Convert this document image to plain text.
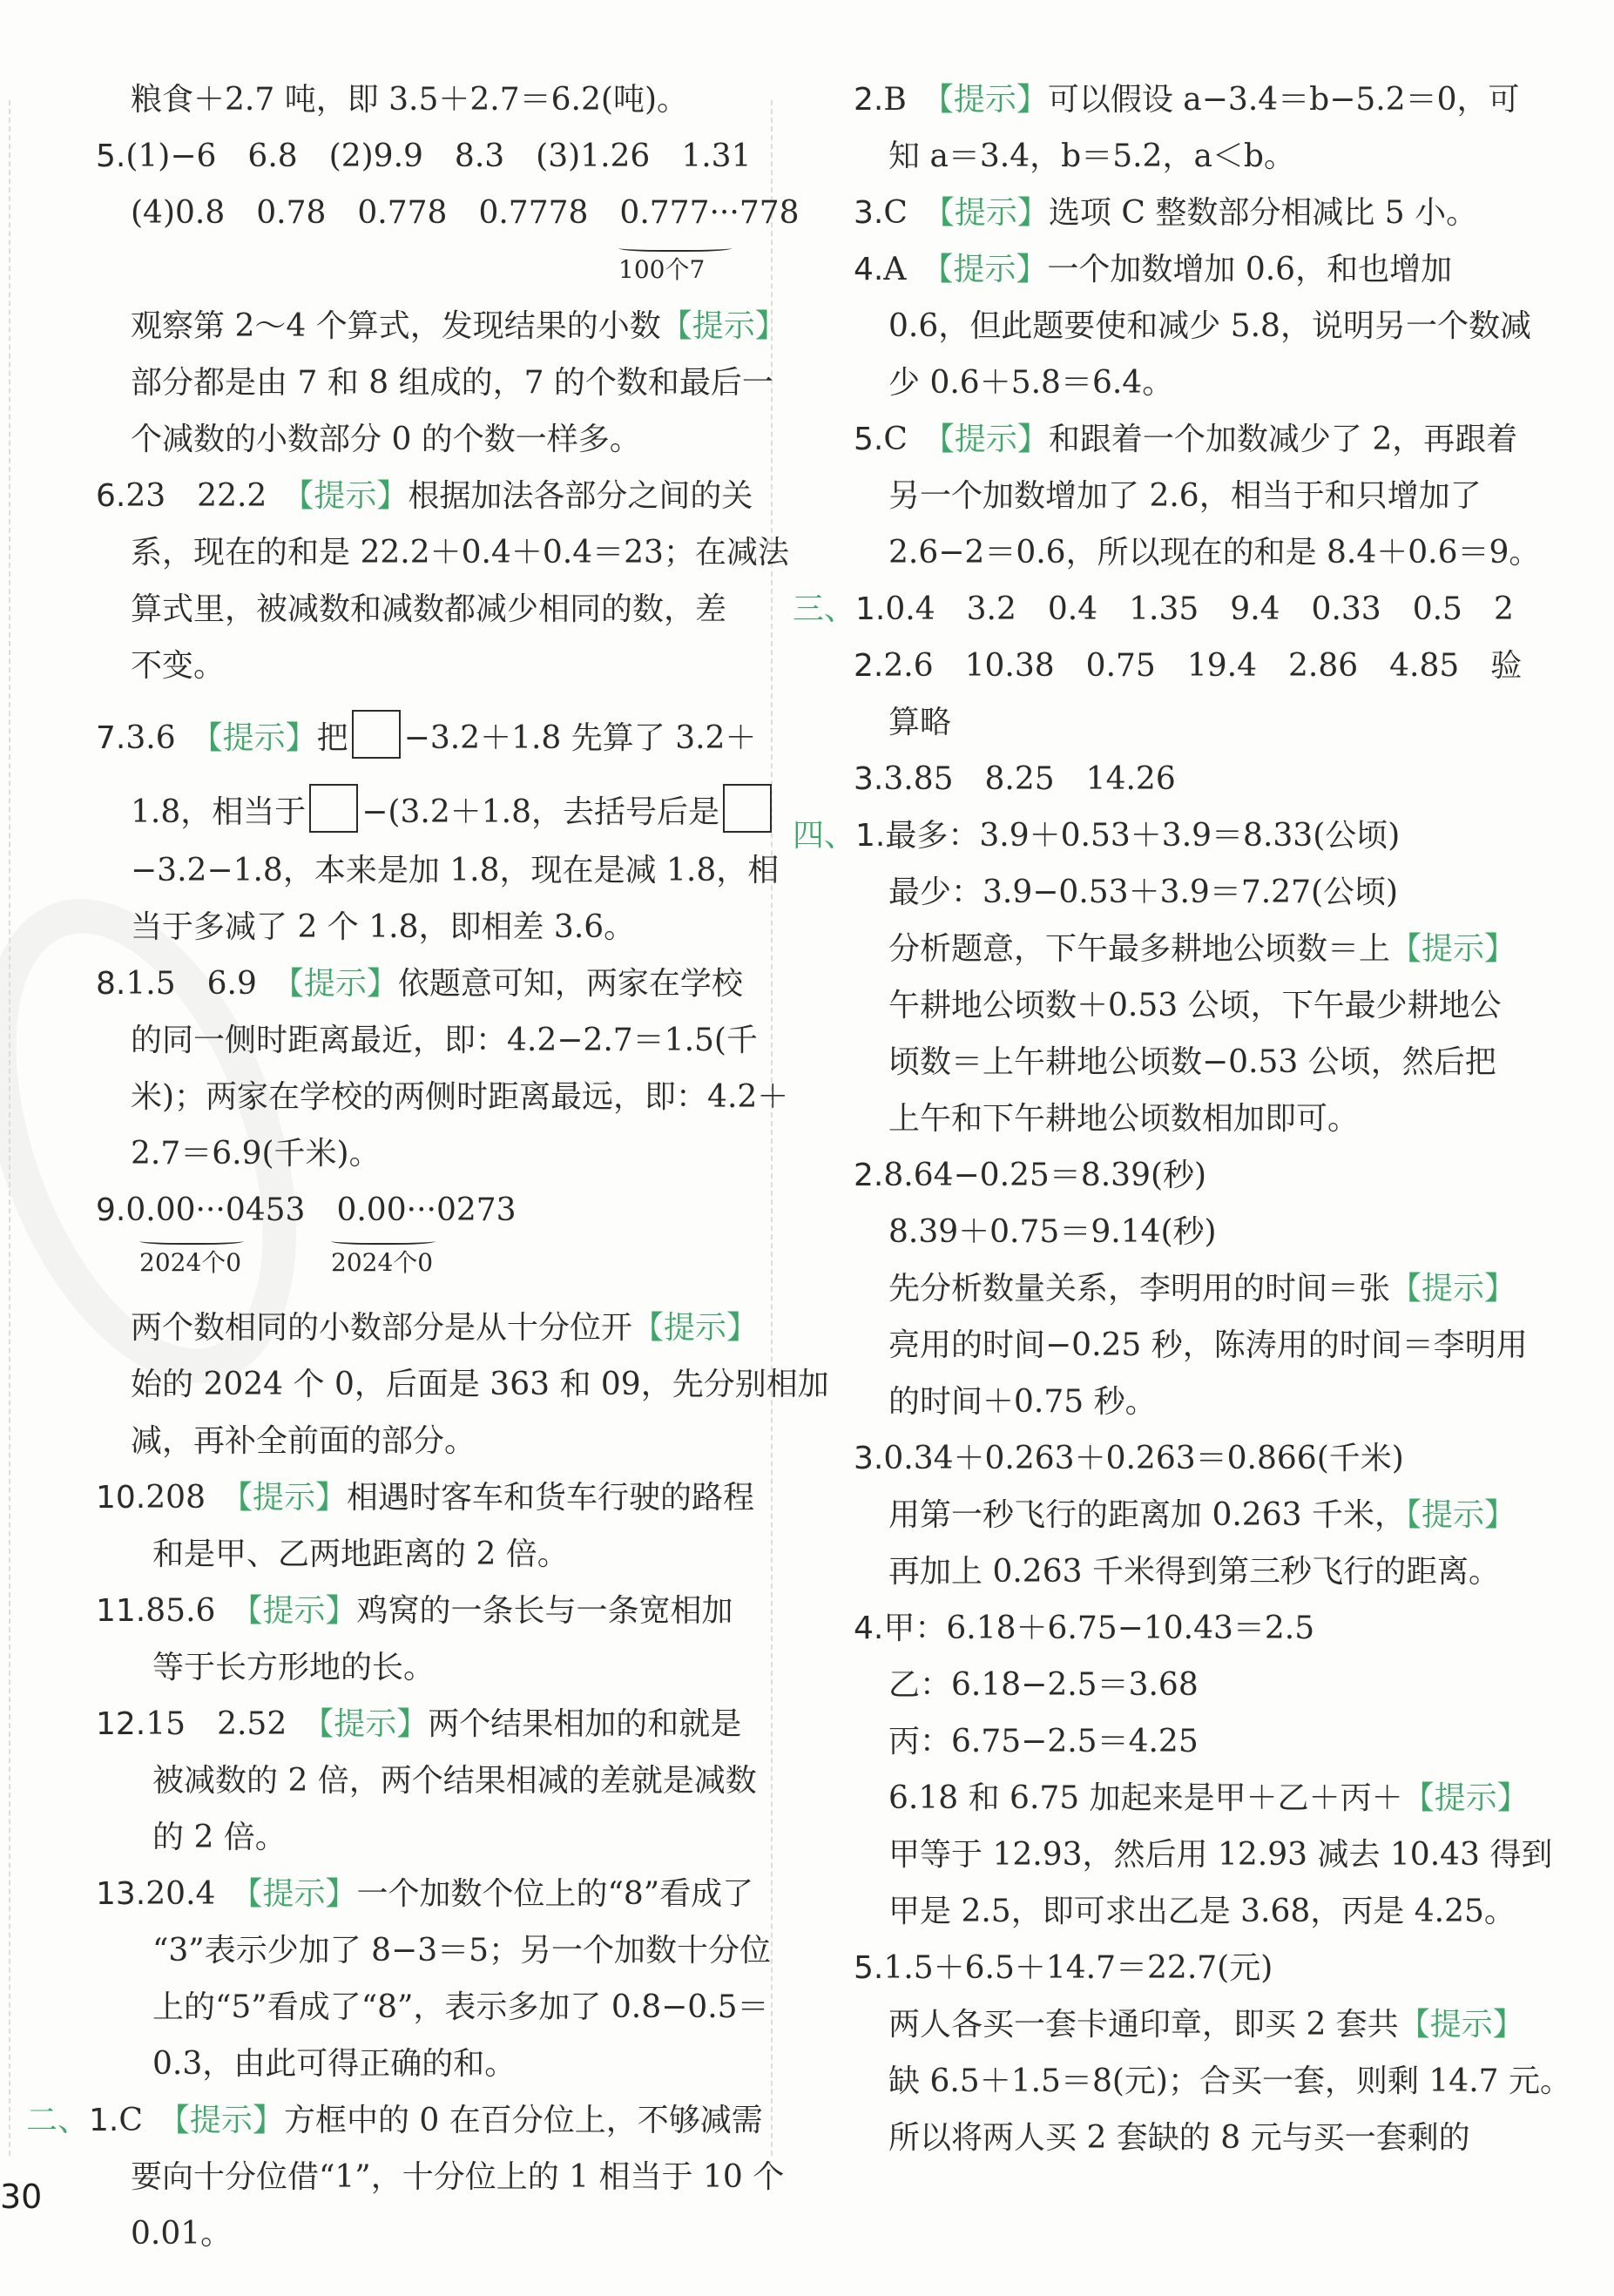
粮食＋2.7 吨，即 3.5＋2.7＝6.2(吨)。
5.(1)−6　6.8　(2)9.9　8.3　(3)1.26　1.31
(4)0.8　0.78　0.778　0.7778　0.777···778
观察第 2～4 个算式，发现结果的小数【提示】
部分都是由 7 和 8 组成的，7 的个数和最后一
个减数的小数部分 0 的个数一样多。
6.23　22.2　【提示】根据加法各部分之间的关
系，现在的和是 22.2＋0.4＋0.4＝23；在减法
算式里，被减数和减数都减少相同的数，差
不变。
7.3.6　【提示】把 −3.2＋1.8 先算了 3.2＋
1.8，相当于 −(3.2＋1.8，去括号后是
−3.2−1.8，本来是加 1.8，现在是减 1.8，相
当于多减了 2 个 1.8，即相差 3.6。
8.1.5　6.9　【提示】依题意可知，两家在学校
的同一侧时距离最近，即：4.2−2.7＝1.5(千
米)；两家在学校的两侧时距离最远，即：4.2＋
2.7＝6.9(千米)。
9.0.00···0453　0.00···0273
两个数相同的小数部分是从十分位开【提示】
始的 2024 个 0，后面是 363 和 09，先分别相加
减，再补全前面的部分。
10.208　【提示】相遇时客车和货车行驶的路程
和是甲、乙两地距离的 2 倍。
11.85.6　【提示】鸡窝的一条长与一条宽相加
等于长方形地的长。
12.15　2.52　【提示】两个结果相加的和就是
被减数的 2 倍，两个结果相减的差就是减数
的 2 倍。
13.20.4　【提示】一个加数个位上的“8”看成了
“3”表示少加了 8−3＝5；另一个加数十分位
上的“5”看成了“8”，表示多加了 0.8−0.5＝
0.3，由此可得正确的和。
二、1.C　【提示】方框中的 0 在百分位上，不够减需
要向十分位借“1”，十分位上的 1 相当于 10 个
0.01。

100个7

2024个0	2024个0
2.B　【提示】可以假设 a−3.4＝b−5.2＝0，可
知 a＝3.4，b＝5.2，a＜b。
3.C　【提示】选项 C 整数部分相减比 5 小。
4.A　【提示】一个加数增加 0.6，和也增加
0.6，但此题要使和减少 5.8，说明另一个数减
少 0.6＋5.8＝6.4。
5.C　【提示】和跟着一个加数减少了 2，再跟着
另一个加数增加了 2.6，相当于和只增加了
2.6−2＝0.6，所以现在的和是 8.4＋0.6＝9。
三、1.0.4　3.2　0.4　1.35　9.4　0.33　0.5　2
2.2.6　10.38　0.75　19.4　2.86　4.85　验
算略
3.3.85　8.25　14.26
四、1.最多：3.9＋0.53＋3.9＝8.33(公顷)
最少：3.9−0.53＋3.9＝7.27(公顷)
分析题意，下午最多耕地公顷数＝上【提示】
午耕地公顷数＋0.53 公顷，下午最少耕地公
顷数＝上午耕地公顷数−0.53 公顷，然后把
上午和下午耕地公顷数相加即可。
2.8.64−0.25＝8.39(秒)
8.39＋0.75＝9.14(秒)
先分析数量关系，李明用的时间＝张【提示】
亮用的时间−0.25 秒，陈涛用的时间＝李明用
的时间＋0.75 秒。
3.0.34＋0.263＋0.263＝0.866(千米)
用第一秒飞行的距离加 0.263 千米，【提示】
再加上 0.263 千米得到第三秒飞行的距离。
4.甲：6.18＋6.75−10.43＝2.5
乙：6.18−2.5＝3.68
丙：6.75−2.5＝4.25
6.18 和 6.75 加起来是甲＋乙＋丙＋【提示】
甲等于 12.93，然后用 12.93 减去 10.43 得到
甲是 2.5，即可求出乙是 3.68，丙是 4.25。
5.1.5＋6.5＋14.7＝22.7(元)
两人各买一套卡通印章，即买 2 套共【提示】
缺 6.5＋1.5＝8(元)；合买一套，则剩 14.7 元。
所以将两人买 2 套缺的 8 元与买一套剩的
30
